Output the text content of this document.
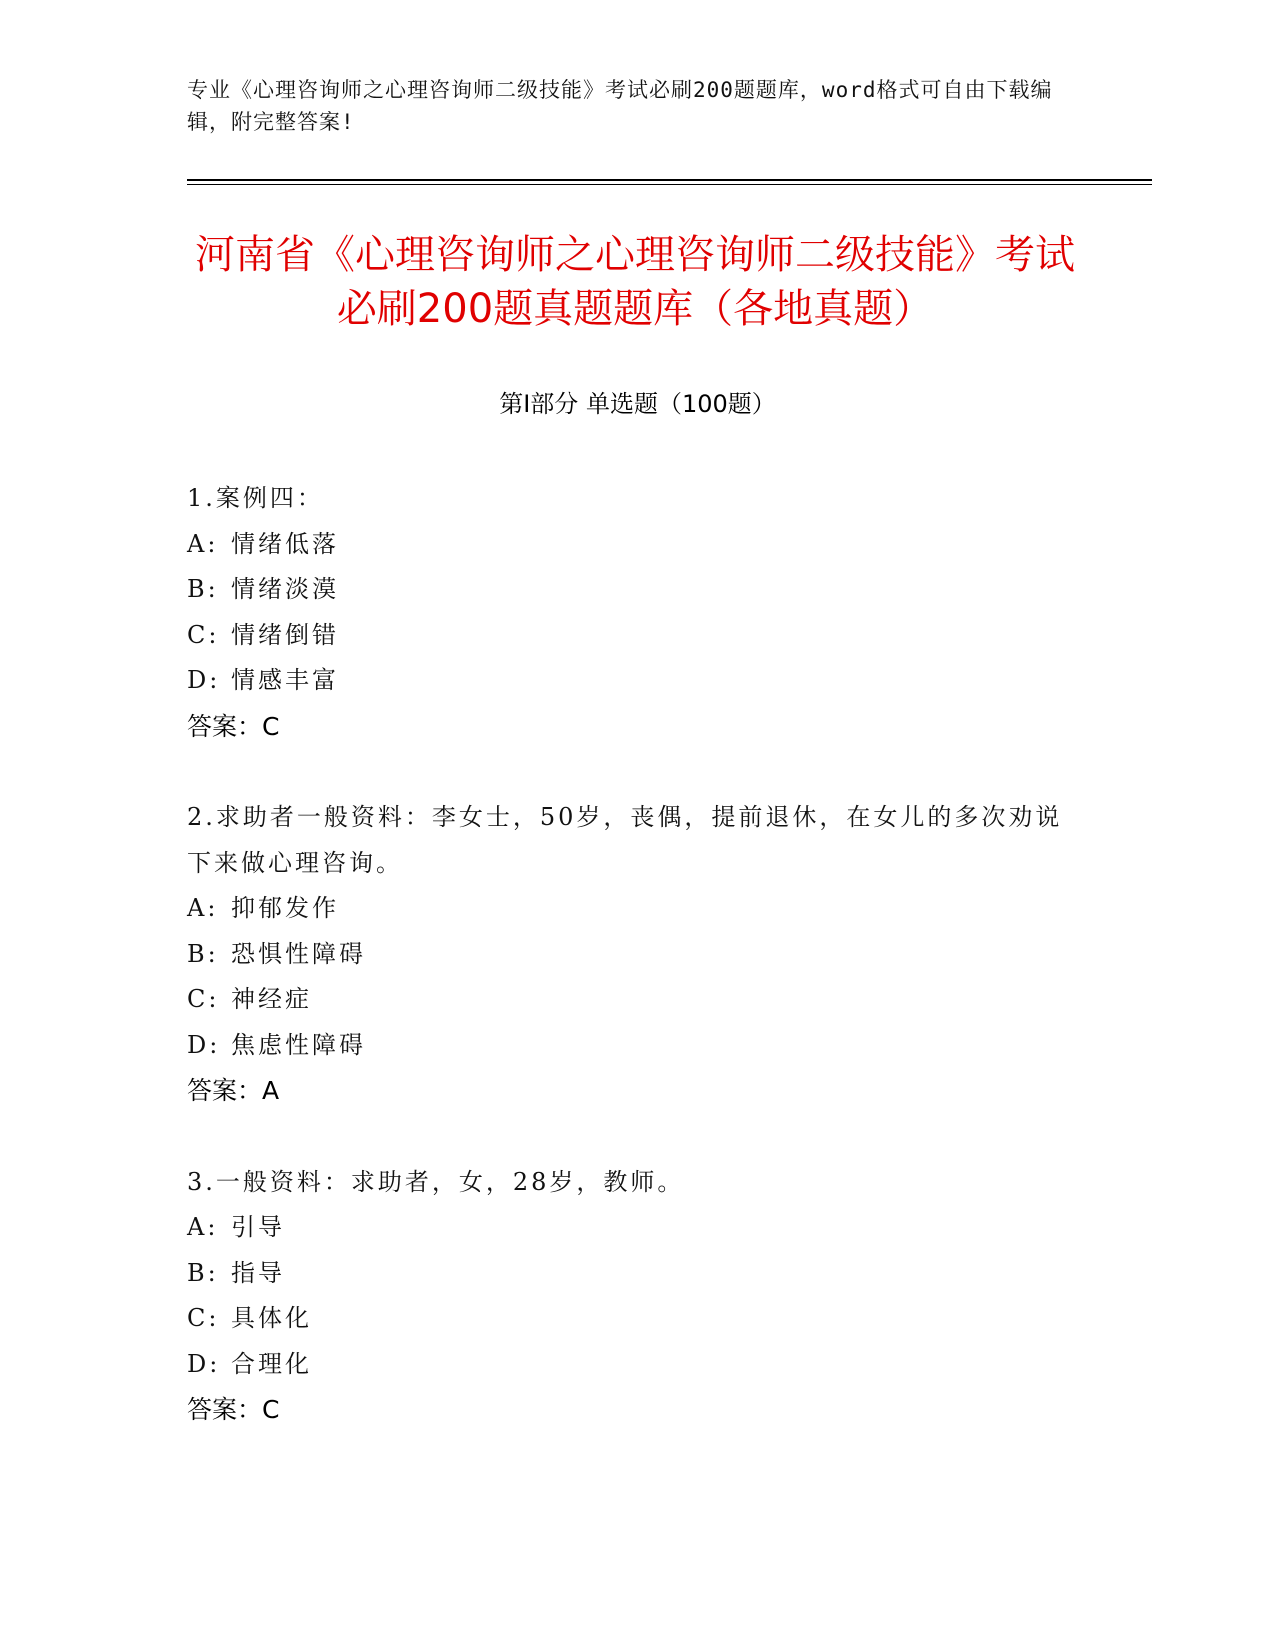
专业《心理咨询师之心理咨询师二级技能》考试必刷200题题库，word格式可自由下载编辑，附完整答案!
河南省《心理咨询师之心理咨询师二级技能》考试必刷200题真题题库（各地真题）
第I部分 单选题（100题）
1.案例四：
A: 情绪低落
B: 情绪淡漠
C: 情绪倒错
D: 情感丰富
答案：C
2.求助者一般资料：李女士，50岁，丧偶，提前退休，在女儿的多次劝说下来做心理咨询。
A: 抑郁发作
B: 恐惧性障碍
C: 神经症
D: 焦虑性障碍
答案：A
3.一般资料：求助者，女，28岁，教师。
A: 引导
B: 指导
C: 具体化
D: 合理化
答案：C
